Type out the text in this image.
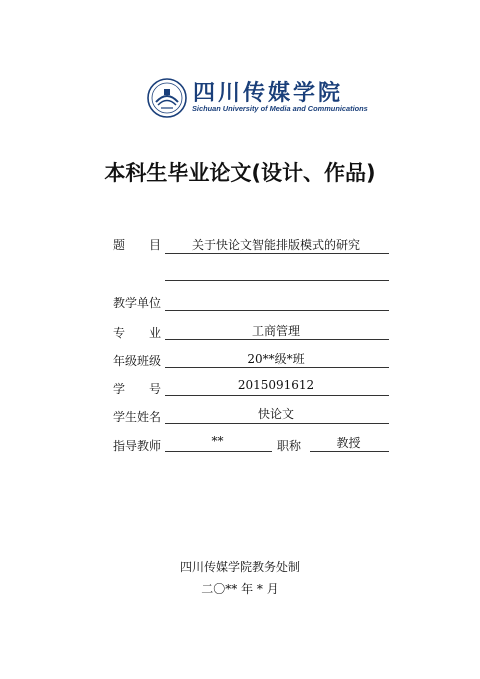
四川传媒学院
Sichuan University of Media and Communications
本科生毕业论文(设计、作品)
题　　目	关于快论文智能排版模式的研究
教学单位
专　　业	工商管理
年级班级	20**级*班
学　　号	2015091612
学生姓名	快论文
指导教师	**	职称	教授
四川传媒学院教务处制
二〇** 年 * 月
